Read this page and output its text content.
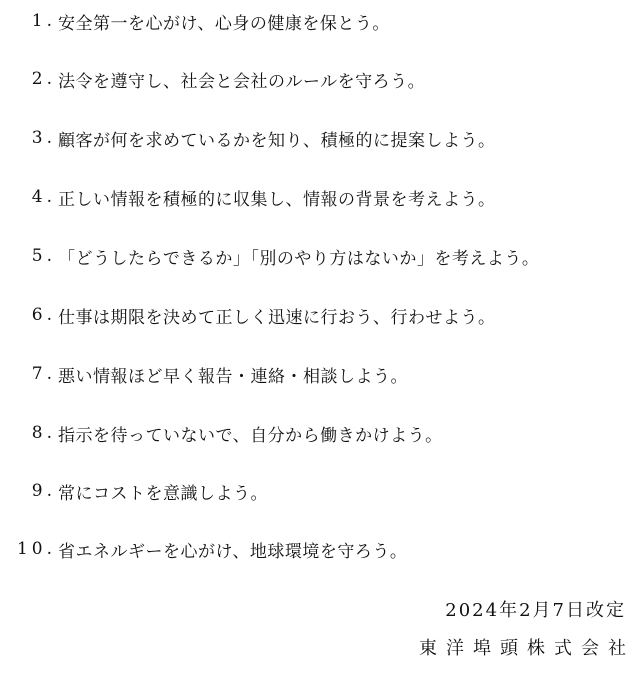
1. 安全第一を心がけ、心身の健康を保とう。
2. 法令を遵守し、社会と会社のルールを守ろう。
3. 顧客が何を求めているかを知り、積極的に提案しよう。
4. 正しい情報を積極的に収集し、情報の背景を考えよう。
5. 「どうしたらできるか」「別のやり方はないか」を考えよう。
6. 仕事は期限を決めて正しく迅速に行おう、行わせよう。
7. 悪い情報ほど早く報告・連絡・相談しよう。
8. 指示を待っていないで、自分から働きかけよう。
9. 常にコストを意識しよう。
10. 省エネルギーを心がけ、地球環境を守ろう。
2024年2月7日改定
東洋埠頭株式会社
